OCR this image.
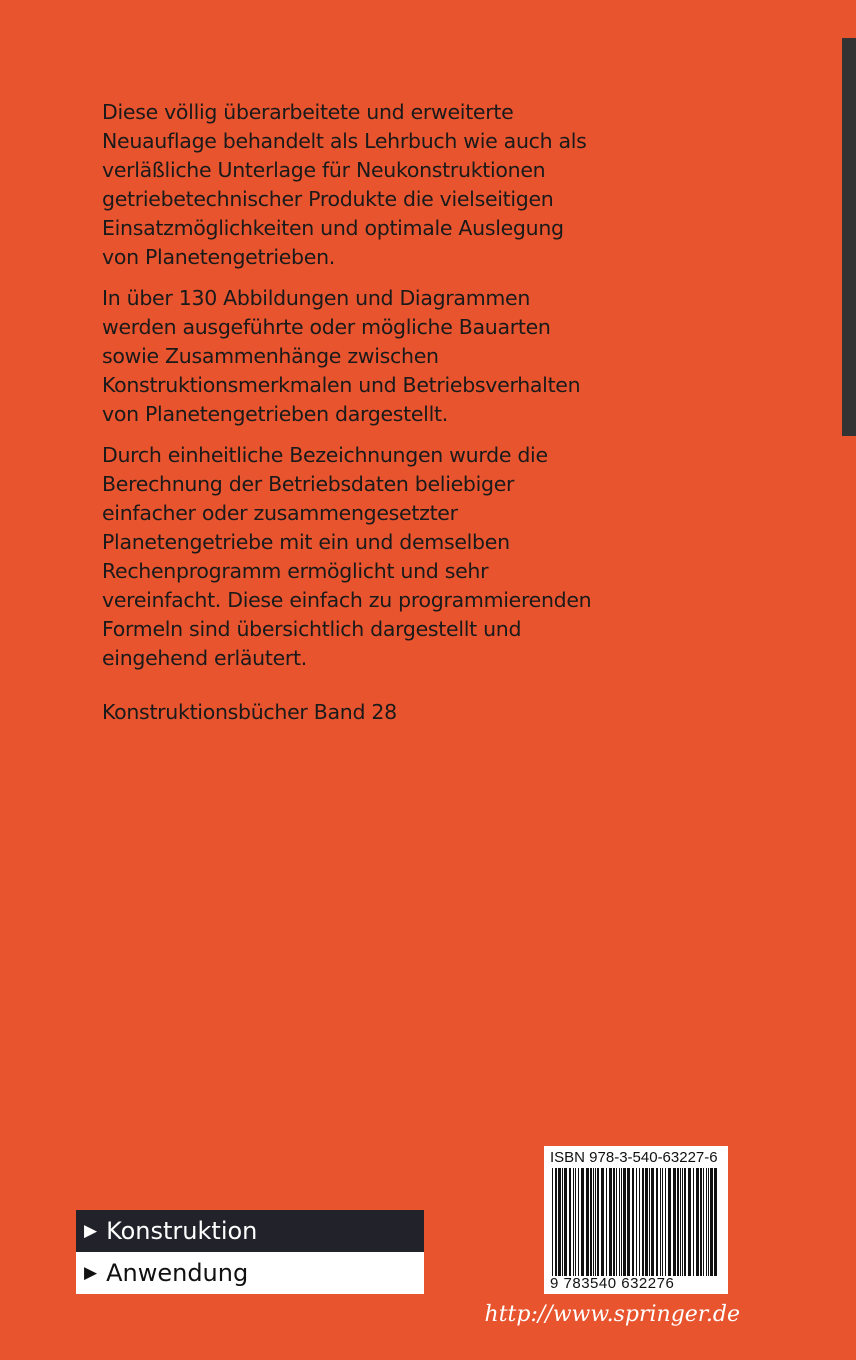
Diese völlig überarbeitete und erweiterte Neuauflage behandelt als Lehrbuch wie auch als verläßliche Unterlage für Neukonstruktionen getriebetechnischer Produkte die vielseitigen Einsatzmöglichkeiten und optimale Auslegung von Planetengetrieben.

In über 130 Abbildungen und Diagrammen werden ausgeführte oder mögliche Bauarten sowie Zusammenhänge zwischen Konstruktionsmerkmalen und Betriebsverhalten von Planetengetrieben dargestellt.

Durch einheitliche Bezeichnungen wurde die Berechnung der Betriebsdaten beliebiger einfacher oder zusammengesetzter Planetengetriebe mit ein und demselben Rechenprogramm ermöglicht und sehr vereinfacht. Diese einfach zu programmierenden Formeln sind übersichtlich dargestellt und eingehend erläutert.

Konstruktionsbücher Band 28
▶ Konstruktion
▶ Anwendung
ISBN 978-3-540-63227-6
9 783540 632276
http://www.springer.de
